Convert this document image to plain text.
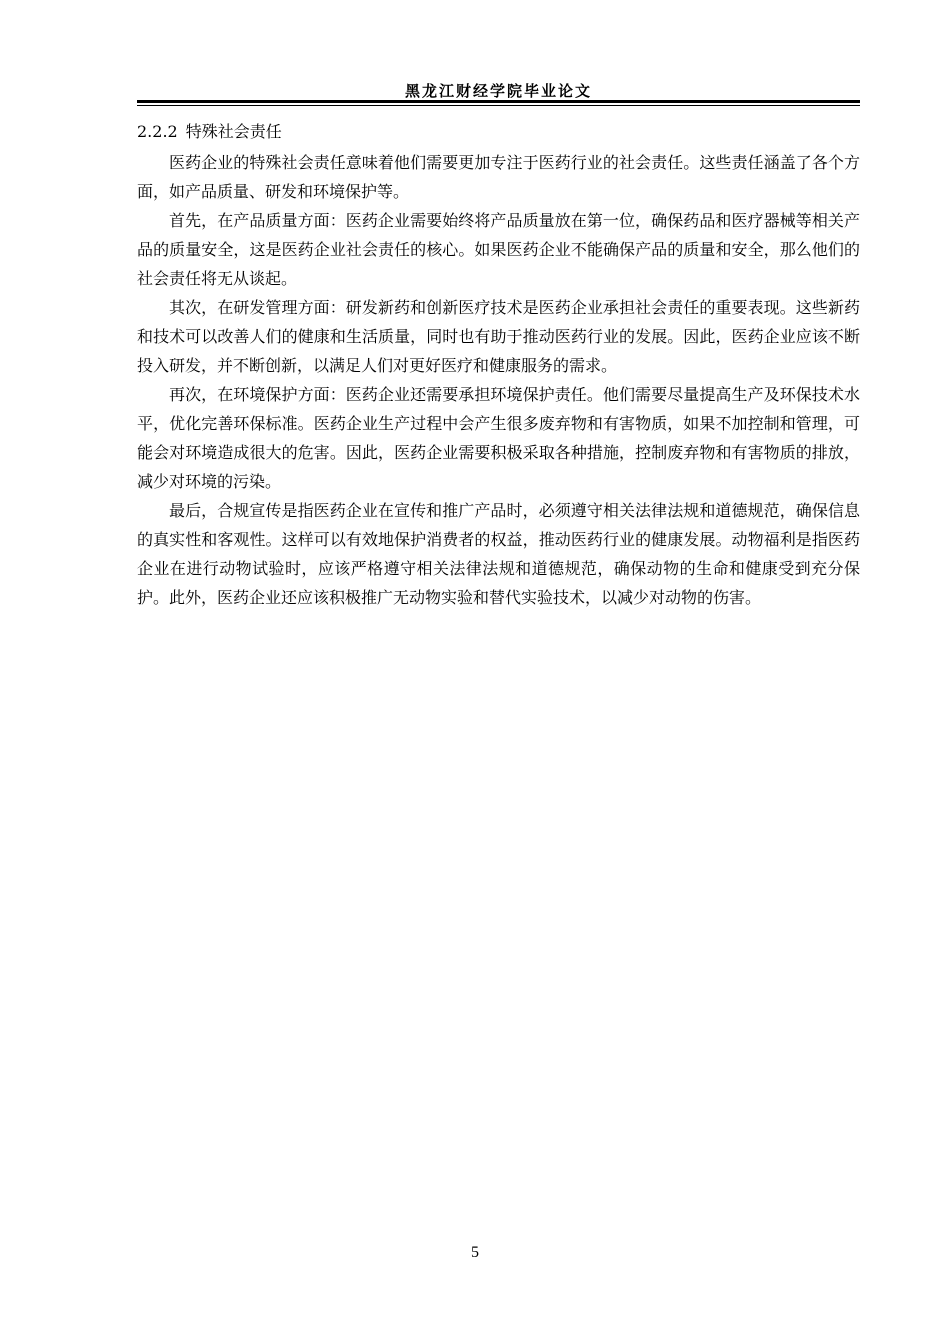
黑龙江财经学院毕业论文
2.2.2 特殊社会责任

医药企业的特殊社会责任意味着他们需要更加专注于医药行业的社会责任。这些责任涵盖了各个方面，如产品质量、研发和环境保护等。

首先，在产品质量方面：医药企业需要始终将产品质量放在第一位，确保药品和医疗器械等相关产品的质量安全，这是医药企业社会责任的核心。如果医药企业不能确保产品的质量和安全，那么他们的社会责任将无从谈起。

其次，在研发管理方面：研发新药和创新医疗技术是医药企业承担社会责任的重要表现。这些新药和技术可以改善人们的健康和生活质量，同时也有助于推动医药行业的发展。因此，医药企业应该不断投入研发，并不断创新，以满足人们对更好医疗和健康服务的需求。

再次，在环境保护方面：医药企业还需要承担环境保护责任。他们需要尽量提高生产及环保技术水平，优化完善环保标准。医药企业生产过程中会产生很多废弃物和有害物质，如果不加控制和管理，可能会对环境造成很大的危害。因此，医药企业需要积极采取各种措施，控制废弃物和有害物质的排放，减少对环境的污染。

最后，合规宣传是指医药企业在宣传和推广产品时，必须遵守相关法律法规和道德规范，确保信息的真实性和客观性。这样可以有效地保护消费者的权益，推动医药行业的健康发展。动物福利是指医药企业在进行动物试验时，应该严格遵守相关法律法规和道德规范，确保动物的生命和健康受到充分保护。此外，医药企业还应该积极推广无动物实验和替代实验技术，以减少对动物的伤害。

5
